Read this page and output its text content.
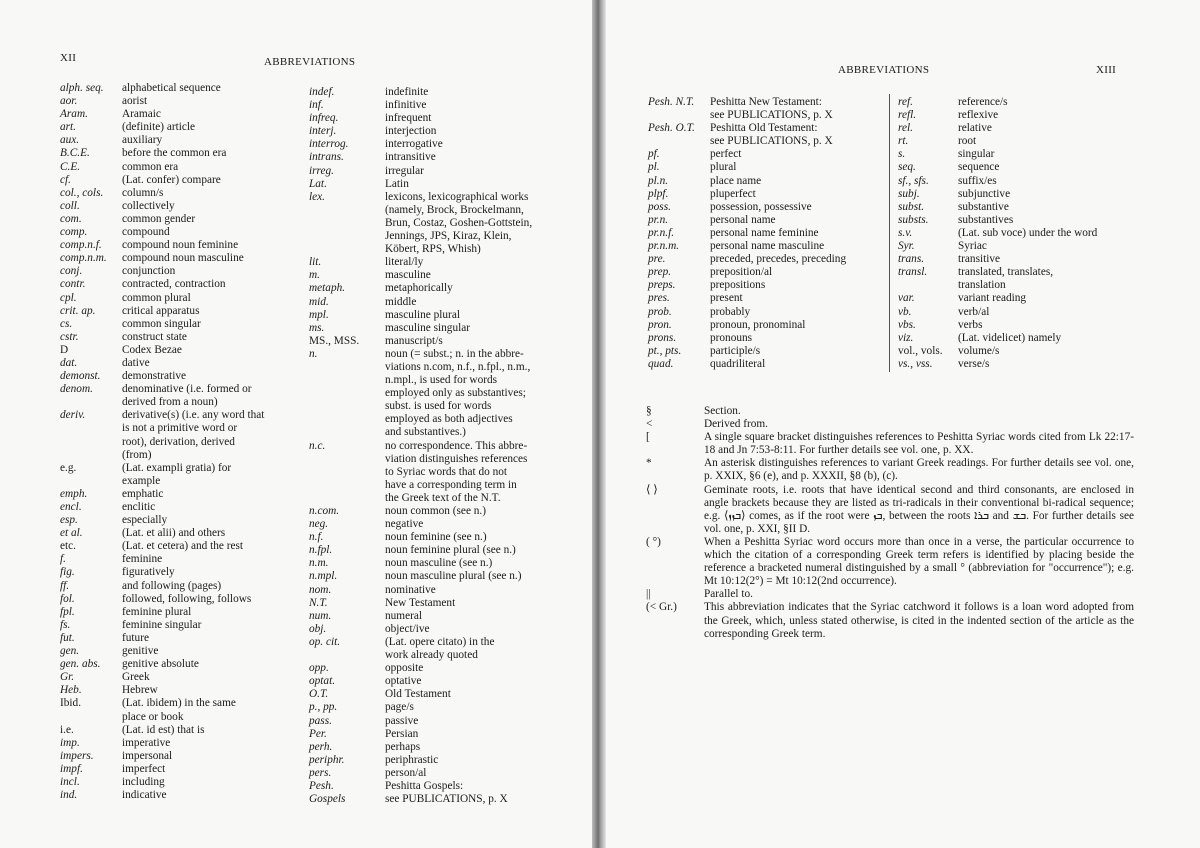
XII	ABBREVIATIONS
alph. seq.	alphabetical sequence
aor.	aorist
Aram.	Aramaic
art.	(definite) article
aux.	auxiliary
B.C.E.	before the common era
C.E.	common era
cf.	(Lat. confer) compare
col., cols.	column/s
coll.	collectively
com.	common gender
comp.	compound
comp.n.f.	compound noun feminine
comp.n.m.	compound noun masculine
conj.	conjunction
contr.	contracted, contraction
cpl.	common plural
crit. ap.	critical apparatus
cs.	common singular
cstr.	construct state
D	Codex Bezae
dat.	dative
demonst.	demonstrative
denom.	denominative (i.e. formed or
derived from a noun)
deriv.	derivative(s) (i.e. any word that
is not a primitive word or
root), derivation, derived
(from)
e.g.	(Lat. exampli gratia) for
example
emph.	emphatic
encl.	enclitic
esp.	especially
et al.	(Lat. et alii) and others
etc.	(Lat. et cetera) and the rest
f.	feminine
fig.	figuratively
ff.	and following (pages)
fol.	followed, following, follows
fpl.	feminine plural
fs.	feminine singular
fut.	future
gen.	genitive
gen. abs.	genitive absolute
Gr.	Greek
Heb.	Hebrew
Ibid.	(Lat. ibidem) in the same
place or book
i.e.	(Lat. id est) that is
imp.	imperative
impers.	impersonal
impf.	imperfect
incl.	including
ind.	indicative
indef.	indefinite
inf.	infinitive
infreq.	infrequent
interj.	interjection
interrog.	interrogative
intrans.	intransitive
irreg.	irregular
Lat.	Latin
lex.	lexicons, lexicographical works
(namely, Brock, Brockelmann,
Brun, Costaz, Goshen-Gottstein,
Jennings, JPS, Kiraz, Klein,
Köbert, RPS, Whish)
lit.	literal/ly
m.	masculine
metaph.	metaphorically
mid.	middle
mpl.	masculine plural
ms.	masculine singular
MS., MSS.	manuscript/s
n.	noun (= subst.; n. in the abbre-
viations n.com, n.f., n.fpl., n.m.,
n.mpl., is used for words
employed only as substantives;
subst. is used for words
employed as both adjectives
and substantives.)
n.c.	no correspondence. This abbre-
viation distinguishes references
to Syriac words that do not
have a corresponding term in
the Greek text of the N.T.
n.com.	noun common (see n.)
neg.	negative
n.f.	noun feminine (see n.)
n.fpl.	noun feminine plural (see n.)
n.m.	noun masculine (see n.)
n.mpl.	noun masculine plural (see n.)
nom.	nominative
N.T.	New Testament
num.	numeral
obj.	object/ive
op. cit.	(Lat. opere citato) in the
work already quoted
opp.	opposite
optat.	optative
O.T.	Old Testament
p., pp.	page/s
pass.	passive
Per.	Persian
perh.	perhaps
periphr.	periphrastic
pers.	person/al
Pesh.	Peshitta Gospels:
Gospels	see PUBLICATIONS, p. X
ABBREVIATIONS	XIII
Pesh. N.T.	Peshitta New Testament:
see PUBLICATIONS, p. X
Pesh. O.T.	Peshitta Old Testament:
see PUBLICATIONS, p. X
pf.	perfect
pl.	plural
pl.n.	place name
plpf.	pluperfect
poss.	possession, possessive
pr.n.	personal name
pr.n.f.	personal name feminine
pr.n.m.	personal name masculine
pre.	preceded, precedes, preceding
prep.	preposition/al
preps.	prepositions
pres.	present
prob.	probably
pron.	pronoun, pronominal
prons.	pronouns
pt., pts.	participle/s
quad.	quadriliteral
ref.	reference/s
refl.	reflexive
rel.	relative
rt.	root
s.	singular
seq.	sequence
sf., sfs.	suffix/es
subj.	subjunctive
subst.	substantive
substs.	substantives
s.v.	(Lat. sub voce) under the word
Syr.	Syriac
trans.	transitive
transl.	translated, translates,
translation
var.	variant reading
vb.	verb/al
vbs.	verbs
viz.	(Lat. videlicet) namely
vol., vols.	volume/s
vs., vss.	verse/s
§	Section.
<	Derived from.
[	A single square bracket distinguishes references to Peshitta Syriac words cited from Lk 22:17-18 and Jn 7:53-8:11. For further details see vol. one, p. XX.
*	An asterisk distinguishes references to variant Greek readings. For further details see vol. one, p. XXIX, §6 (e), and p. XXXII, §8 (b), (c).
⟨ ⟩	Geminate roots, i.e. roots that have identical second and third consonants, are enclosed in angle brackets because they are listed as tri-radicals in their conventional bi-radical sequence; e.g. ⟨ܒܙܙ⟩ comes, as if the root were ܒܙ, between the roots ܒܪܐ and ܒܫ. For further details see vol. one, p. XXI, §II D.
( °)	When a Peshitta Syriac word occurs more than once in a verse, the particular occurrence to which the citation of a corresponding Greek term refers is identified by placing beside the reference a bracketed numeral distinguished by a small ° (abbreviation for "occurrence"); e.g. Mt 10:12(2°) = Mt 10:12(2nd occurrence).
||	Parallel to.
(< Gr.)	This abbreviation indicates that the Syriac catchword it follows is a loan word adopted from the Greek, which, unless stated otherwise, is cited in the indented section of the article as the corresponding Greek term.
